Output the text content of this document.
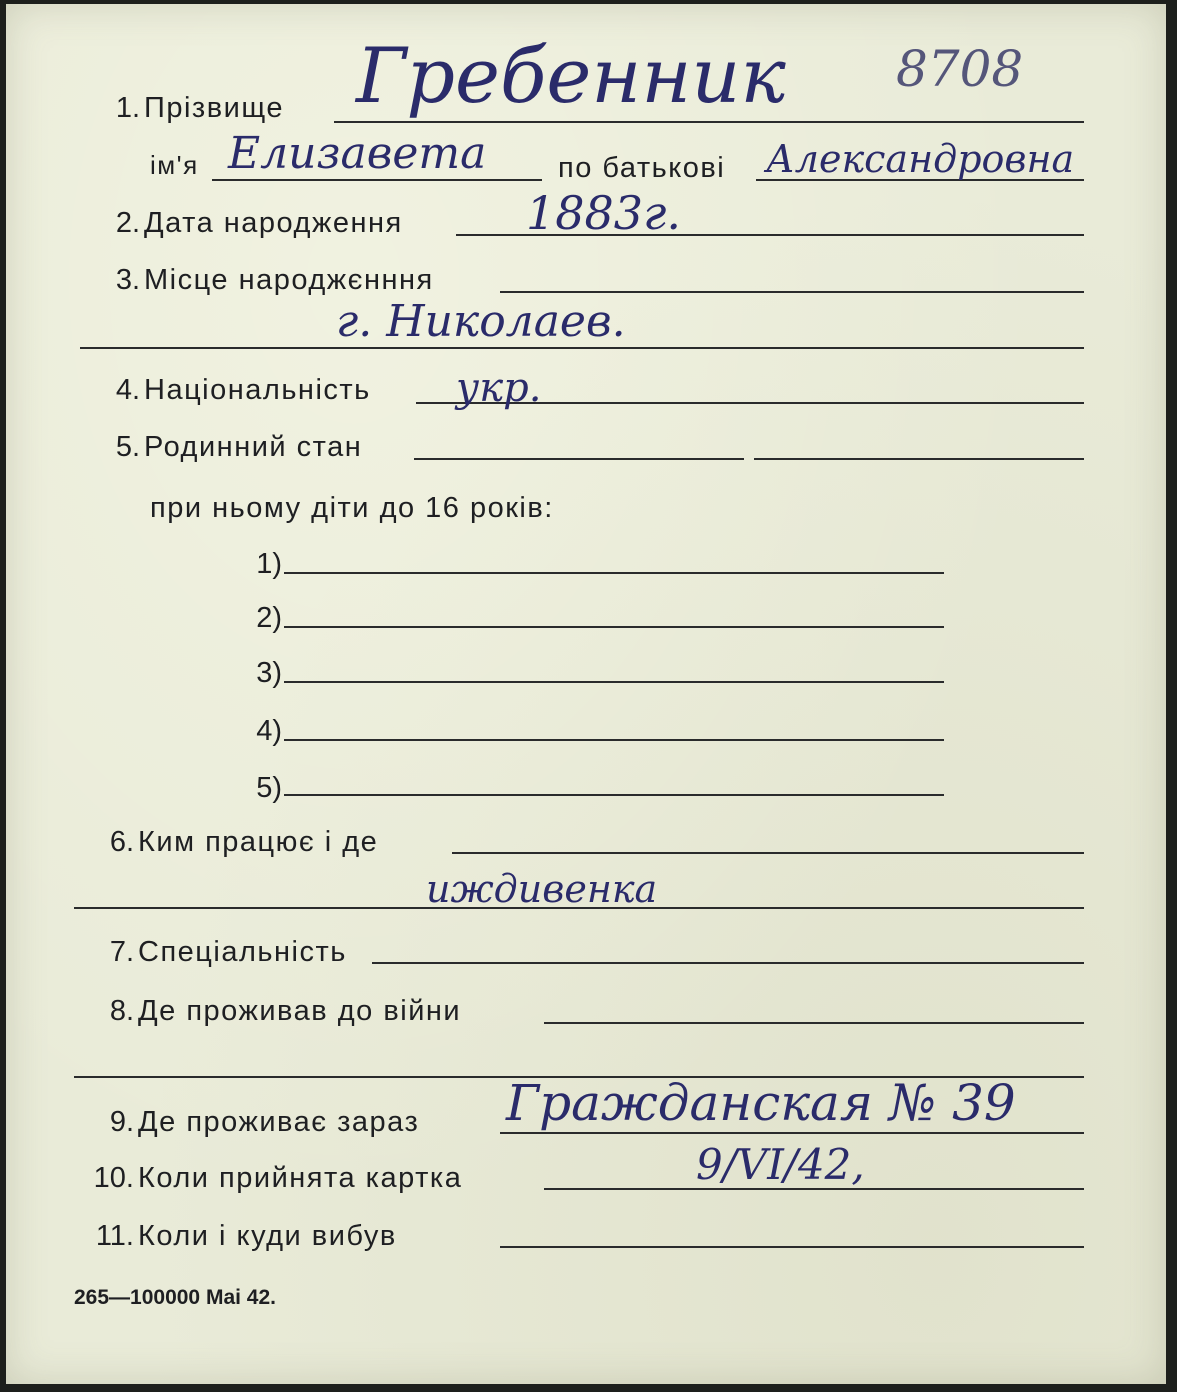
8708
1. Прізвище Гребенник
ім'я Елизавета по батькові Александровна
2. Дата народження	1883г.
3. Місце народжєнння
г. Николаев.
4. Національність укр.
5. Родинний стан
при ньому діти до 16 років:
1)
2)
3)
4)
5)
6. Ким працює і де
иждивенка
7. Спеціальність
8. Де проживав до війни
9. Де проживає зараз Гражданская № 39
10. Коли прийнята картка	9/VI/42,
11. Коли і куди вибув
265—100000 Mai 42.
